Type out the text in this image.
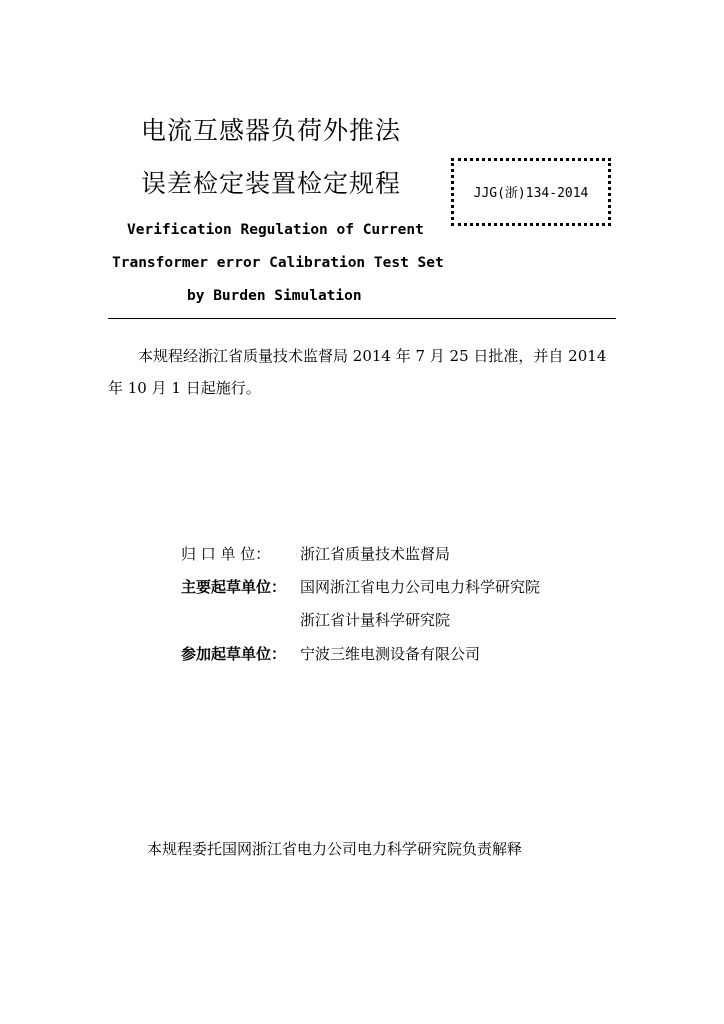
电流互感器负荷外推法
误差检定装置检定规程	JJG(浙)134-2014
Verification Regulation of Current
Transformer error Calibration Test Set
by Burden Simulation
本规程经浙江省质量技术监督局 2014 年 7 月 25 日批准，并自 2014
年 10 月 1 日起施行。
归 口 单 位： 浙江省质量技术监督局
主要起草单位： 国网浙江省电力公司电力科学研究院
浙江省计量科学研究院
参加起草单位： 宁波三维电测设备有限公司
本规程委托国网浙江省电力公司电力科学研究院负责解释
